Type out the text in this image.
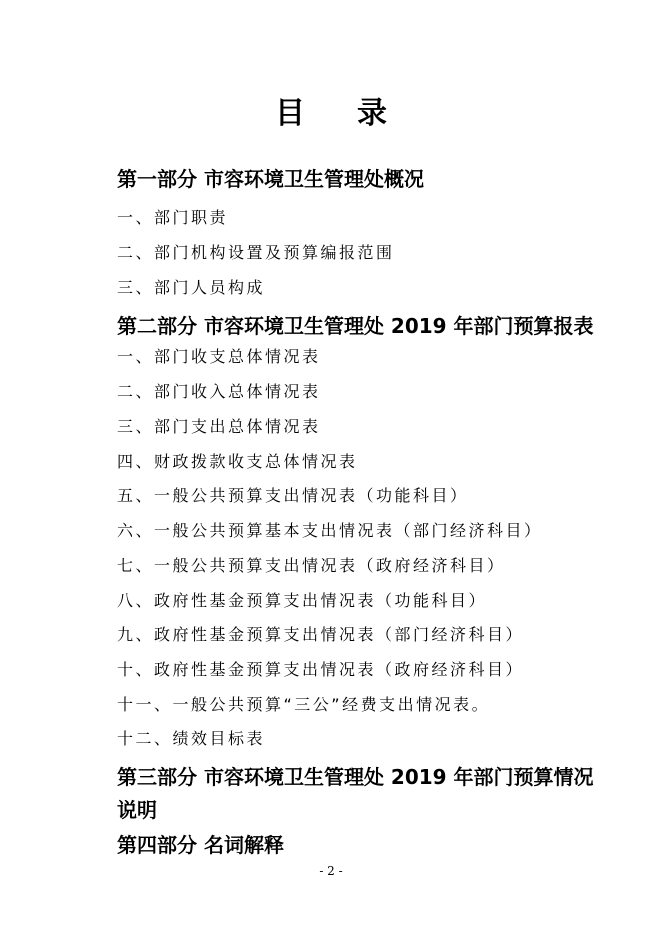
目 录
第一部分 市容环境卫生管理处概况
一、部门职责
二、部门机构设置及预算编报范围
三、部门人员构成
第二部分 市容环境卫生管理处 2019 年部门预算报表
一、部门收支总体情况表
二、部门收入总体情况表
三、部门支出总体情况表
四、财政拨款收支总体情况表
五、一般公共预算支出情况表（功能科目）
六、一般公共预算基本支出情况表（部门经济科目）
七、一般公共预算支出情况表（政府经济科目）
八、政府性基金预算支出情况表（功能科目）
九、政府性基金预算支出情况表（部门经济科目）
十、政府性基金预算支出情况表（政府经济科目）
十一、一般公共预算“三公”经费支出情况表。
十二、绩效目标表
第三部分 市容环境卫生管理处 2019 年部门预算情况
说明
第四部分 名词解释
- 2 -
